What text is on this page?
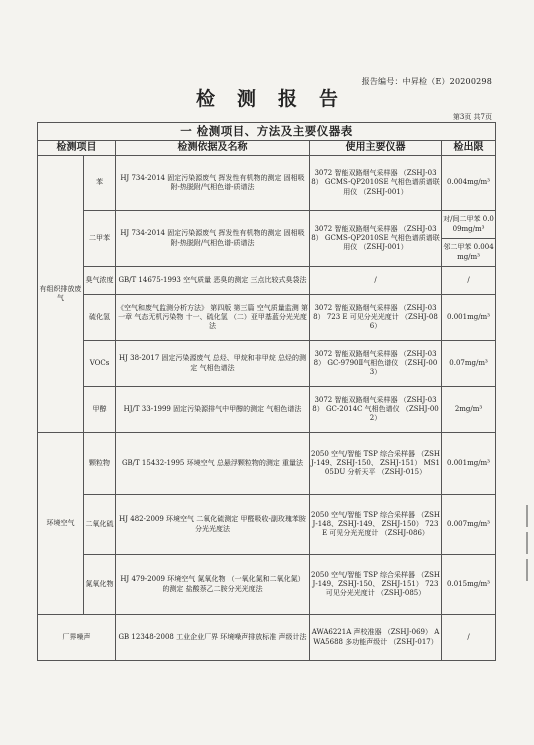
报告编号：中昇检（E）20200298
检测报告
第3页 共7页
一 检测项目、方法及主要仪器表				
检测项目		检测依据及名称	使用主要仪器	检出限
有组织排放废气	苯	HJ 734-2014 固定污染源废气 挥发性有机物的测定 固相吸附-热脱附/气相色谱-质谱法	3072 智能双路烟气采样器 （ZSHJ-038） GCMS-QP2010SE 气相色谱质谱联用仪 （ZSHJ-001）	0.004mg/m³
	二甲苯	HJ 734-2014 固定污染源废气 挥发性有机物的测定 固相吸附-热脱附/气相色谱-质谱法	3072 智能双路烟气采样器 （ZSHJ-038） GCMS-QP2010SE 气相色谱质谱联用仪 （ZSHJ-001）	对/间二甲苯 0.009mg/m³
				邻二甲苯 0.004mg/m³
	臭气浓度	GB/T 14675-1993 空气质量 恶臭的测定 三点比较式臭袋法	/	/
	硫化氢	《空气和废气监测分析方法》 第四版 第三篇 空气质量监测 第一章 气态无机污染物 十一、硫化氢 （二）亚甲基蓝分光光度法	3072 智能双路烟气采样器 （ZSHJ-038） 723 E 可见分光光度计 （ZSHJ-086）	0.001mg/m³
	VOCs	HJ 38-2017 固定污染源废气 总烃、甲烷和非甲烷 总烃的测定 气相色谱法	3072 智能双路烟气采样器 （ZSHJ-038） GC-9790Ⅱ气相色谱仪 （ZSHJ-003）	0.07mg/m³
	甲醇	HJ/T 33-1999 固定污染源排气中甲醇的测定 气相色谱法	3072 智能双路烟气采样器 （ZSHJ-038） GC-2014C 气相色谱仪 （ZSHJ-002）	2mg/m³
环境空气	颗粒物	GB/T 15432-1995 环境空气 总悬浮颗粒物的测定 重量法	2050 空气/智能 TSP 综合采样器 （ZSHJ-149、ZSHJ-150、 ZSHJ-151） MS105DU 分析天平 （ZSHJ-015）	0.001mg/m³
	二氧化硫	HJ 482-2009 环境空气 二氧化硫测定 甲醛吸收-副玫瑰苯胺分光光度法	2050 空气/智能 TSP 综合采样器 （ZSHJ-148、ZSHJ-149、 ZSHJ-150） 723 E 可见分光光度计 （ZSHJ-086）	0.007mg/m³
	氮氧化物	HJ 479-2009 环境空气 氮氧化物 （一氧化氮和二氧化氮）的测定 盐酸萘乙二胺分光光度法	2050 空气/智能 TSP 综合采样器 （ZSHJ-149、ZSHJ-150、 ZSHJ-151） 723 可见分光光度计 （ZSHJ-085）	0.015mg/m³
厂界噪声		GB 12348-2008 工业企业厂界 环境噪声排放标准 声级计法	AWA6221A 声校准器 （ZSHJ-069） AWA5688 多功能声级计 （ZSHJ-017）	/
